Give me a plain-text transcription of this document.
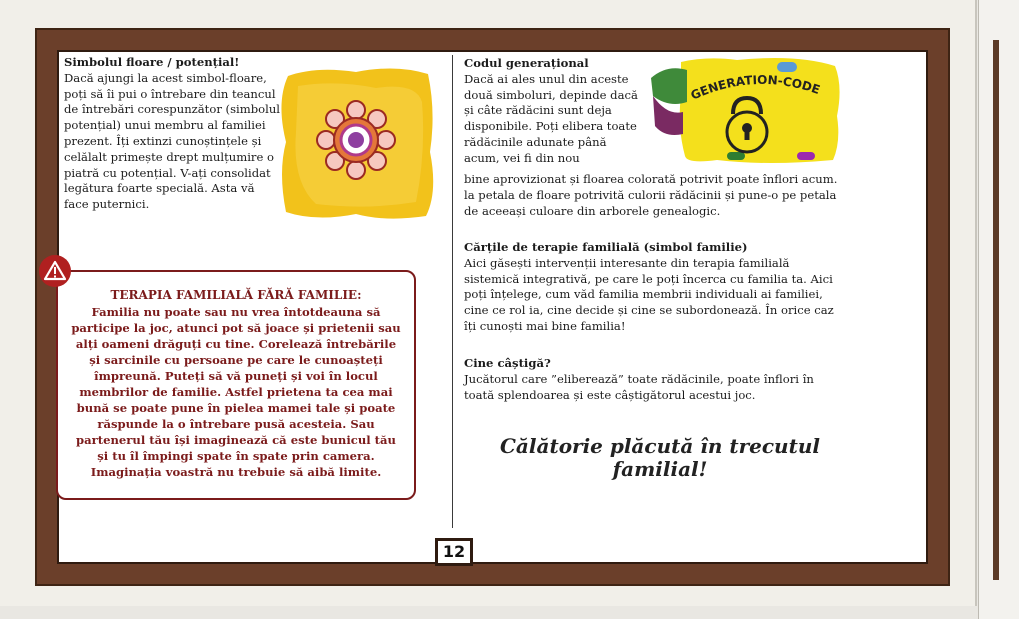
Simbolul floare / potențial!
Dacă ajungi la acest simbol-floare, poți să îi pui o întrebare din teancul de întrebări corespunzător (simbolul potențial) unui membru al familiei prezent. Îți extinzi cunoștințele și celălalt primește drept mulțumire o piatră cu potențial. V-ați consolidat legătura foarte specială. Asta vă face puternici.
TERAPIA FAMILIALĂ FĂRĂ FAMILIE:
Familia nu poate sau nu vrea întotdeauna să participe la joc, atunci pot să joace și prietenii sau alți oameni drăguți cu tine. Corelează întrebările și sarcinile cu persoane pe care le cunoașteți împreună. Puteți să vă puneți și voi în locul membrilor de familie. Astfel prietena ta cea mai bună se poate pune în pielea mamei tale și poate răspunde la o întrebare pusă acesteia. Sau partenerul tău își imaginează că este bunicul tău și tu îl împingi spate în spate prin camera. Imaginația voastră nu trebuie să aibă limite.
GENERATION-CODE
Codul generațional
Dacă ai ales unul din aceste două simboluri, depinde dacă și câte rădăcini sunt deja disponibile. Poți elibera toate rădăcinile adunate până acum, vei fi din nou
bine aprovizionat și floarea colorată potrivit poate înflori acum. la petala de floare potrivită culorii rădăcinii și pune-o pe petala de aceeași culoare din arborele genealogic.
Cărțile de terapie familială (simbol familie)
Aici găsești intervenții interesante din terapia familială sistemică integrativă, pe care le poți încerca cu familia ta. Aici poți înțelege, cum văd familia membrii individuali ai familiei, cine ce rol ia, cine decide și cine se subordonează. În orice caz îți cunoști mai bine familia!
Cine câștigă?
Jucătorul care ”eliberează” toate rădăcinile, poate înflori în toată splendoarea și este câștigătorul acestui joc.
Călătorie plăcută în trecutul
familial!
12
